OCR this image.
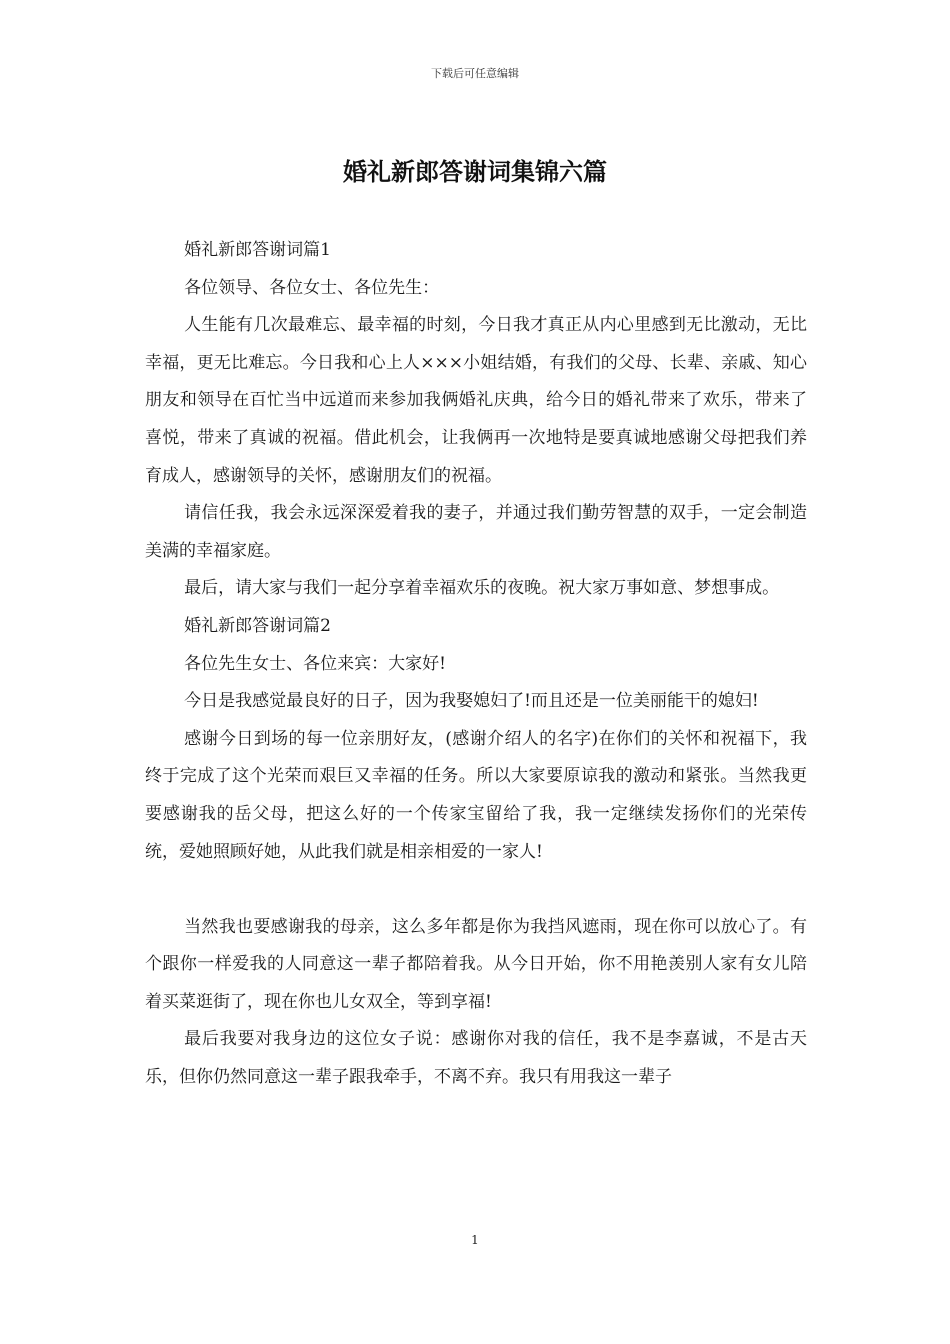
下载后可任意编辑
婚礼新郎答谢词集锦六篇

婚礼新郎答谢词篇1

各位领导、各位女士、各位先生：

人生能有几次最难忘、最幸福的时刻，今日我才真正从内心里感到无比激动，无比幸福，更无比难忘。今日我和心上人×××小姐结婚，有我们的父母、长辈、亲戚、知心朋友和领导在百忙当中远道而来参加我俩婚礼庆典，给今日的婚礼带来了欢乐，带来了喜悦，带来了真诚的祝福。借此机会，让我俩再一次地特是要真诚地感谢父母把我们养育成人，感谢领导的关怀，感谢朋友们的祝福。

请信任我，我会永远深深爱着我的妻子，并通过我们勤劳智慧的双手，一定会制造美满的幸福家庭。

最后，请大家与我们一起分享着幸福欢乐的夜晚。祝大家万事如意、梦想事成。

婚礼新郎答谢词篇2

各位先生女士、各位来宾：大家好!

今日是我感觉最良好的日子，因为我娶媳妇了!而且还是一位美丽能干的媳妇!

感谢今日到场的每一位亲朋好友，(感谢介绍人的名字)在你们的关怀和祝福下，我终于完成了这个光荣而艰巨又幸福的任务。所以大家要原谅我的激动和紧张。当然我更要感谢我的岳父母，把这么好的一个传家宝留给了我，我一定继续发扬你们的光荣传统，爱她照顾好她，从此我们就是相亲相爱的一家人!

当然我也要感谢我的母亲，这么多年都是你为我挡风遮雨，现在你可以放心了。有个跟你一样爱我的人同意这一辈子都陪着我。从今日开始，你不用艳羡别人家有女儿陪着买菜逛街了，现在你也儿女双全，等到享福!

最后我要对我身边的这位女子说：感谢你对我的信任，我不是李嘉诚，不是古天乐，但你仍然同意这一辈子跟我牵手，不离不弃。我只有用我这一辈子

1
